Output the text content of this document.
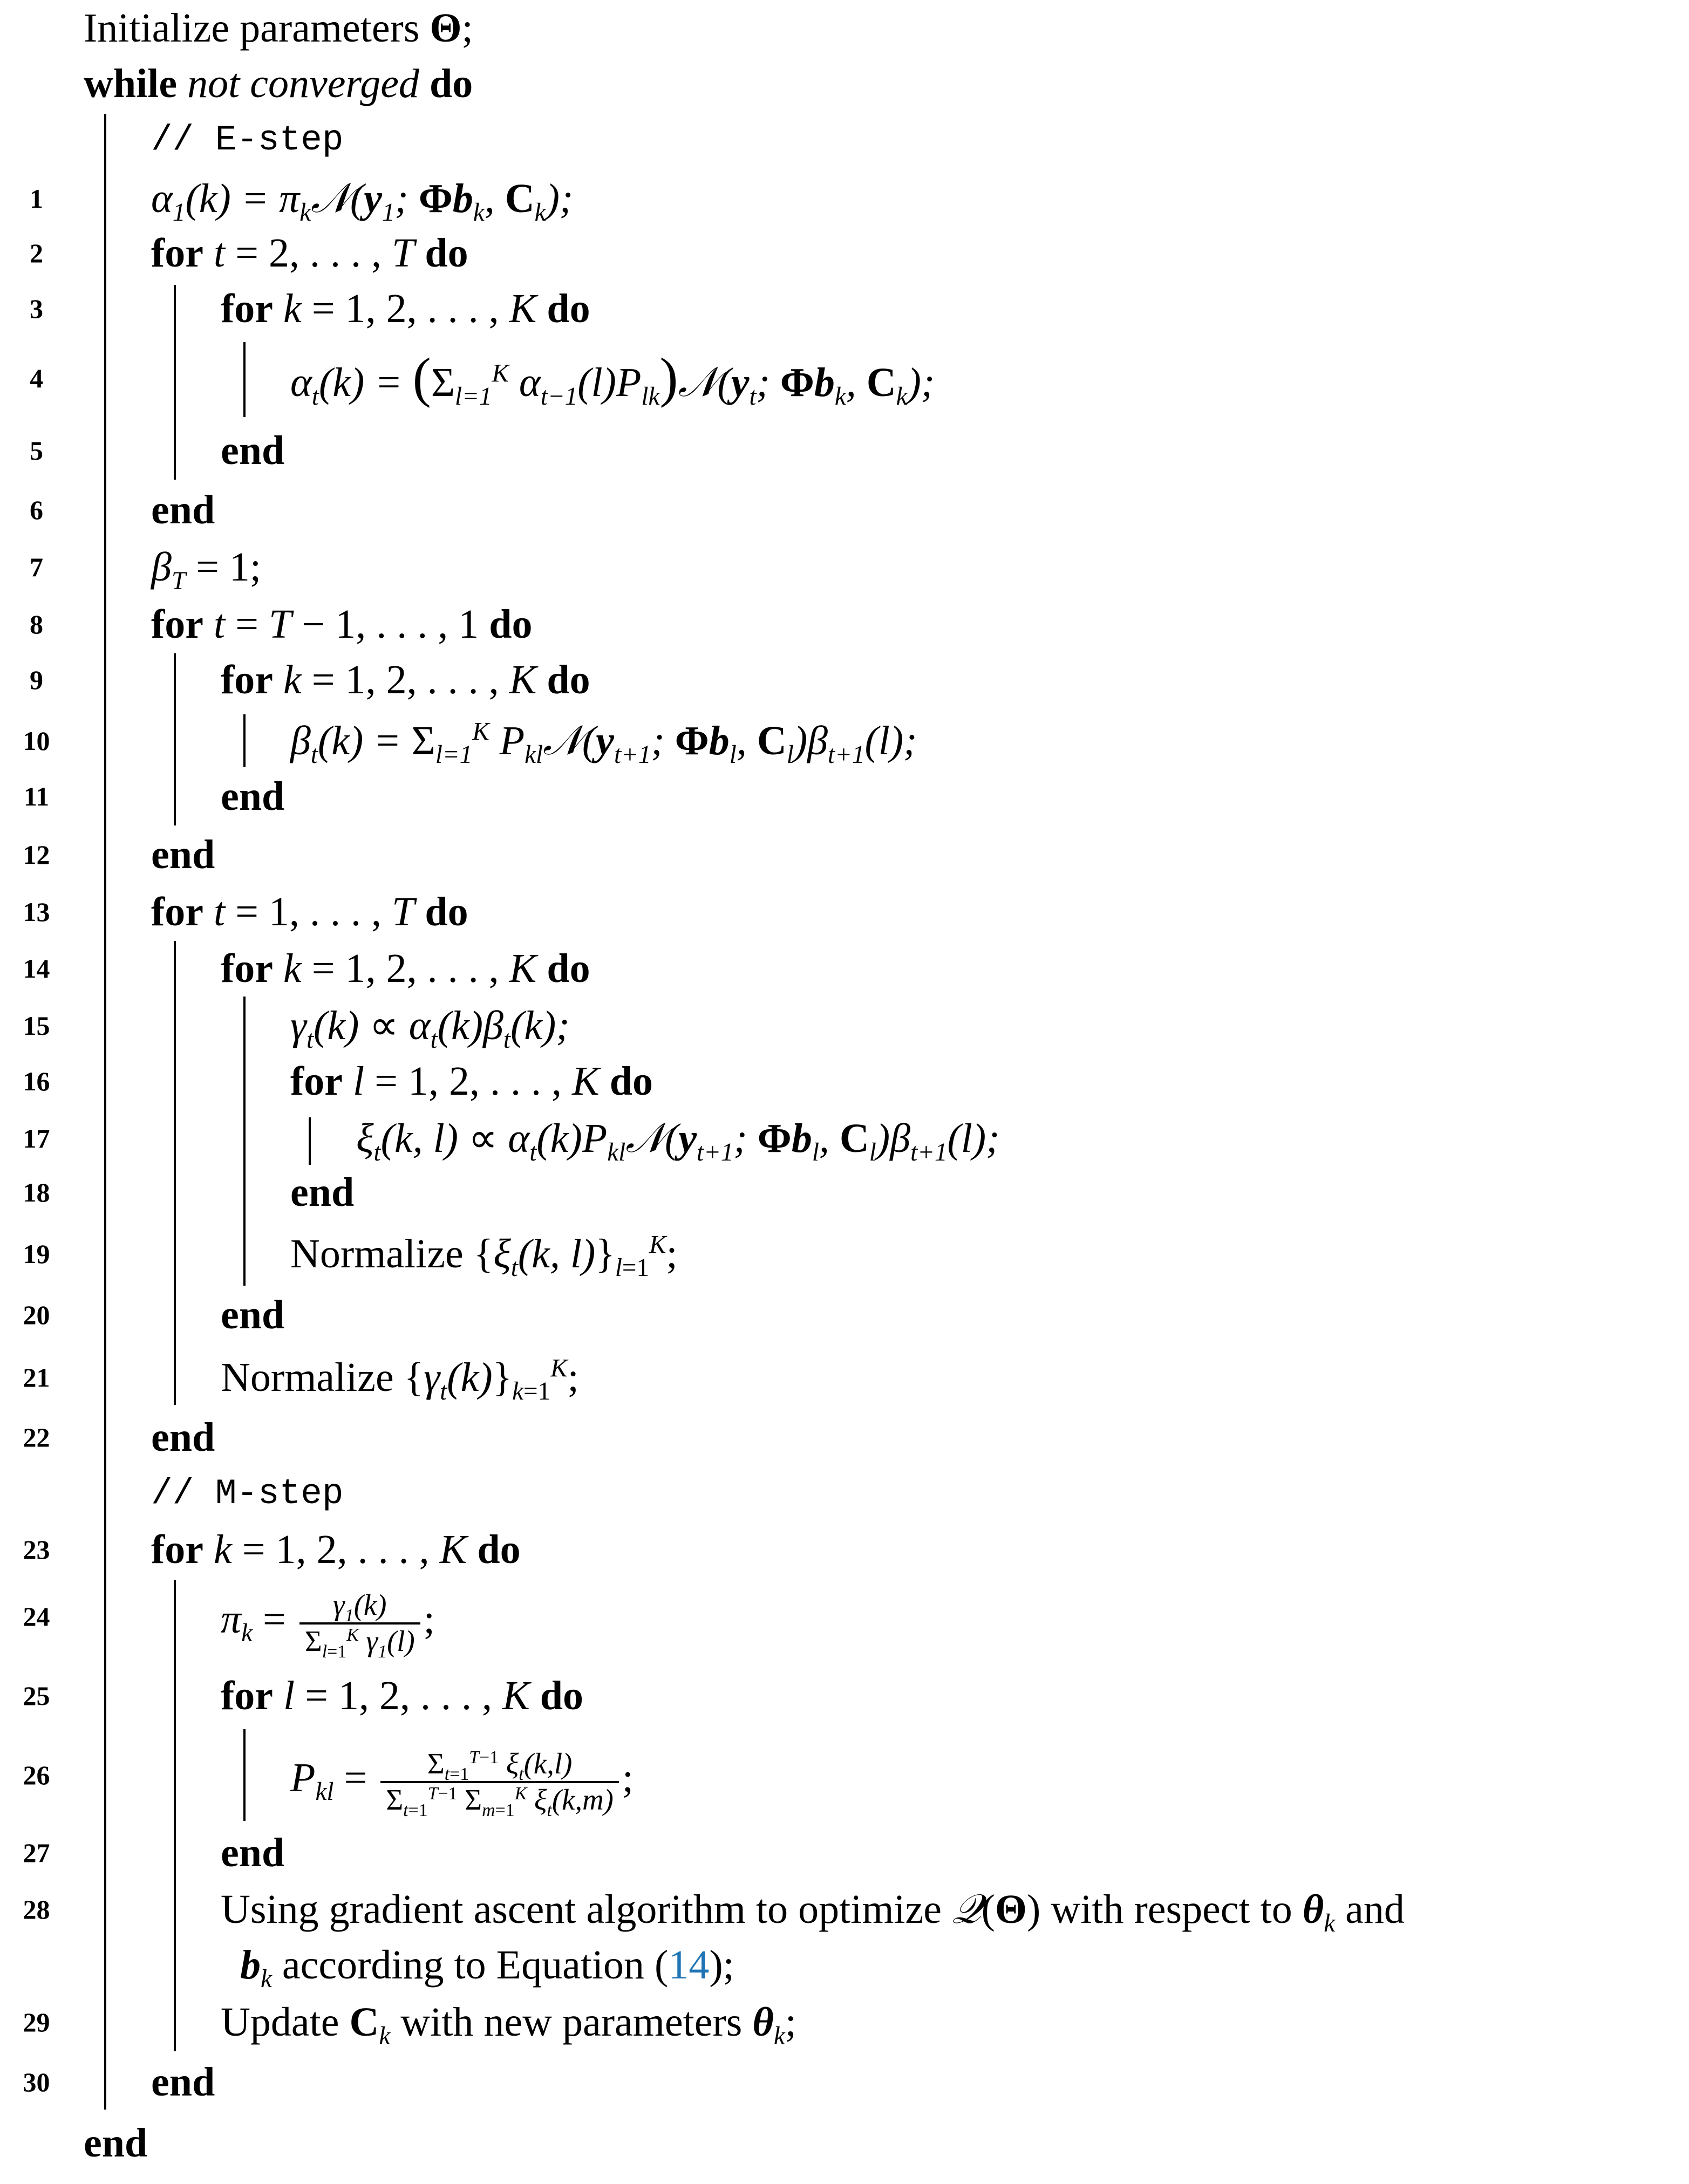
Initialize parameters Θ;
while not converged do
// E-step
1	$\alpha_1(k)$ = $\pi_k𝒩(y_1$; $\Phi b_k$, $C_k$);
2	for t = 2, . . . , T do
3	for k = 1, 2, . . . , K do
4	$\alpha_t(k) = (\Sigma_{l=1}^K$ $\alpha_{t-1}(l)P_{lk})𝒩(y_t$; $\Phi b_k$, $C_k$);
5	end
6	end
7	$\beta_T = 1$;
8	for t = T − 1, . . . , 1 do
9	for k = 1, 2, . . . , K do
10	$\beta_t(k) = \Sigma_{l=1}^K$ $P_{kl}𝒩(y_{t+1}$; $\Phi b_l$, $C_l)\beta_{t+1}(l)$;
11	end
12	end
13	for t = 1, . . . , T do
14	for k = 1, 2, . . . , K do
15	$\gamma_t(k) \propto \alpha_t(k)\beta_t(k)$;
16	for l = 1, 2, . . . , K do
17	$\xi_t(k$, $l) \propto \alpha_t(k)P_{kl}𝒩(y_{t+1}$; $\Phi b_l$, $C_l)\beta_{t+1}(l)$;
18	end
19	Normalize {$\xi_t(k$, $l)\}_{l=1}^K$;
20	end
21	Normalize $\{\gamma_t(k)\}_{k=1}^K$;
22	end
// M-step
23	for k = 1, 2, . . . , K do
24	$\pi_k = \frac{\gamma_1(k)}{\Sigma_{l=1}^K \gamma_1(l)}$ ;
25	for l = 1, 2, . . . , K do
26	$P_{kl} = \frac{\Sigma_{t=1}^{T-1} \xi_t(k,l)}{\Sigma_{t=1}^{T-1} \Sigma_{m=1}^K \xi_t(k,m)}$ ;
27	end
28	Using gradient ascent algorithm to optimize 𝒬(Θ) with respect to $\theta_k$ and
$b_k$ according to Equation (14);
29	Update $C_k$ with new parameters $\theta_k$;
30	end
end
